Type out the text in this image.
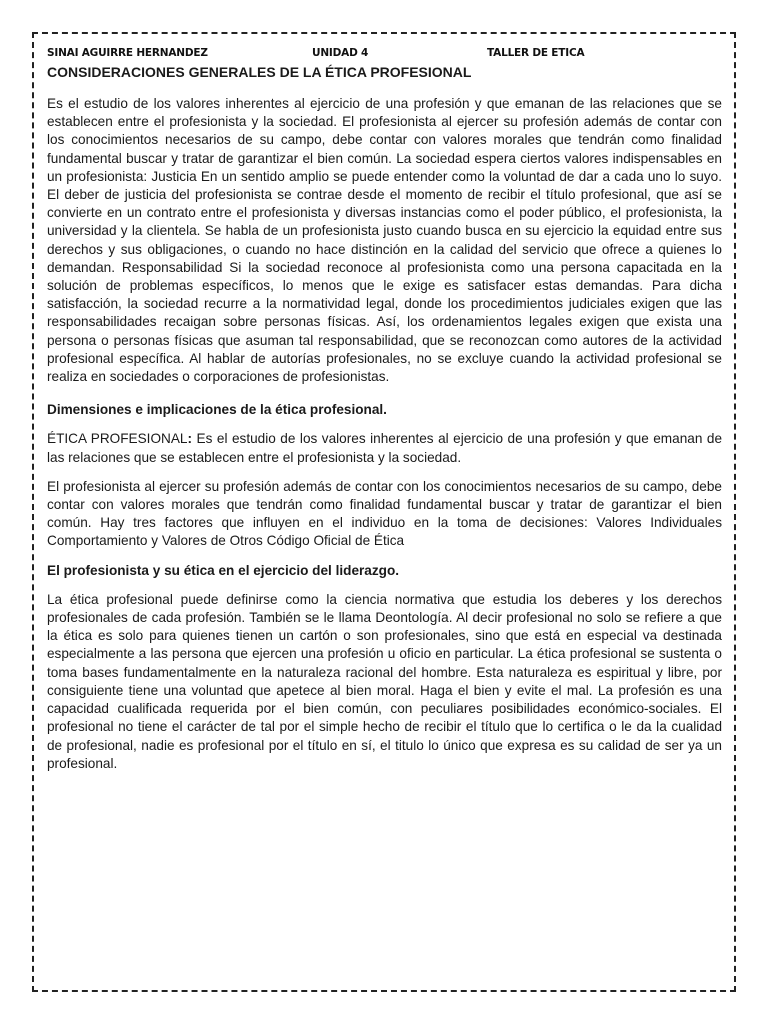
SINAI AGUIRRE HERNANDEZ	UNIDAD 4	TALLER DE ETICA
CONSIDERACIONES GENERALES DE LA ÉTICA PROFESIONAL

Es el estudio de los valores inherentes al ejercicio de una profesión y que emanan de las relaciones que se establecen entre el profesionista y la sociedad. El profesionista al ejercer su profesión además de contar con los conocimientos necesarios de su campo, debe contar con valores morales que tendrán como finalidad fundamental buscar y tratar de garantizar el bien común. La sociedad espera ciertos valores indispensables en un profesionista: Justicia En un sentido amplio se puede entender como la voluntad de dar a cada uno lo suyo. El deber de justicia del profesionista se contrae desde el momento de recibir el título profesional, que así se convierte en un contrato entre el profesionista y diversas instancias como el poder público, el profesionista, la universidad y la clientela. Se habla de un profesionista justo cuando busca en su ejercicio la equidad entre sus derechos y sus obligaciones, o cuando no hace distinción en la calidad del servicio que ofrece a quienes lo demandan. Responsabilidad Si la sociedad reconoce al profesionista como una persona capacitada en la solución de problemas específicos, lo menos que le exige es satisfacer estas demandas. Para dicha satisfacción, la sociedad recurre a la normatividad legal, donde los procedimientos judiciales exigen que las responsabilidades recaigan sobre personas físicas. Así, los ordenamientos legales exigen que exista una persona o personas físicas que asuman tal responsabilidad, que se reconozcan como autores de la actividad profesional específica. Al hablar de autorías profesionales, no se excluye cuando la actividad profesional se realiza en sociedades o corporaciones de profesionistas.

Dimensiones e implicaciones de la ética profesional.

ÉTICA PROFESIONAL: Es el estudio de los valores inherentes al ejercicio de una profesión y que emanan de las relaciones que se establecen entre el profesionista y la sociedad.

El profesionista al ejercer su profesión además de contar con los conocimientos necesarios de su campo, debe contar con valores morales que tendrán como finalidad fundamental buscar y tratar de garantizar el bien común. Hay tres factores que influyen en el individuo en la toma de decisiones: Valores Individuales Comportamiento y Valores de Otros Código Oficial de Ética

El profesionista y su ética en el ejercicio del liderazgo.

La ética profesional puede definirse como la ciencia normativa que estudia los deberes y los derechos profesionales de cada profesión. También se le llama Deontología. Al decir profesional no solo se refiere a que la ética es solo para quienes tienen un cartón o son profesionales, sino que está en especial va destinada especialmente a las persona que ejercen una profesión u oficio en particular. La ética profesional se sustenta o toma bases fundamentalmente en la naturaleza racional del hombre. Esta naturaleza es espiritual y libre, por consiguiente tiene una voluntad que apetece al bien moral. Haga el bien y evite el mal. La profesión es una capacidad cualificada requerida por el bien común, con peculiares posibilidades económico-sociales. El profesional no tiene el carácter de tal por el simple hecho de recibir el título que lo certifica o le da la cualidad de profesional, nadie es profesional por el título en sí, el titulo lo único que expresa es su calidad de ser ya un profesional.
